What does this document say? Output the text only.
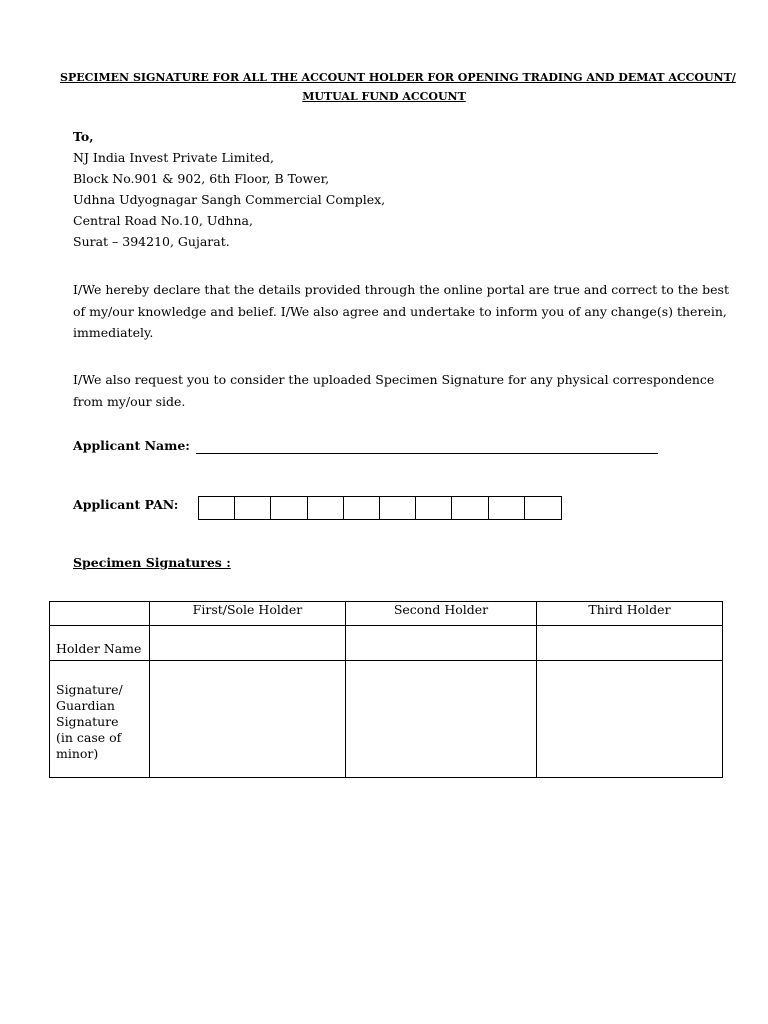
SPECIMEN SIGNATURE FOR ALL THE ACCOUNT HOLDER FOR OPENING TRADING AND DEMAT ACCOUNT/
MUTUAL FUND ACCOUNT
To,
NJ India Invest Private Limited,
Block No.901 & 902, 6th Floor, B Tower,
Udhna Udyognagar Sangh Commercial Complex,
Central Road No.10, Udhna,
Surat – 394210, Gujarat.
I/We hereby declare that the details provided through the online portal are true and correct to the best
of my/our knowledge and belief. I/We also agree and undertake to inform you of any change(s) therein,
immediately.
I/We also request you to consider the uploaded Specimen Signature for any physical correspondence
from my/our side.
Applicant Name:
Applicant PAN:
Specimen Signatures :

	First/Sole Holder	Second Holder	Third Holder

Holder Name			

Signature/
Guardian
Signature
(in case of
minor)			
